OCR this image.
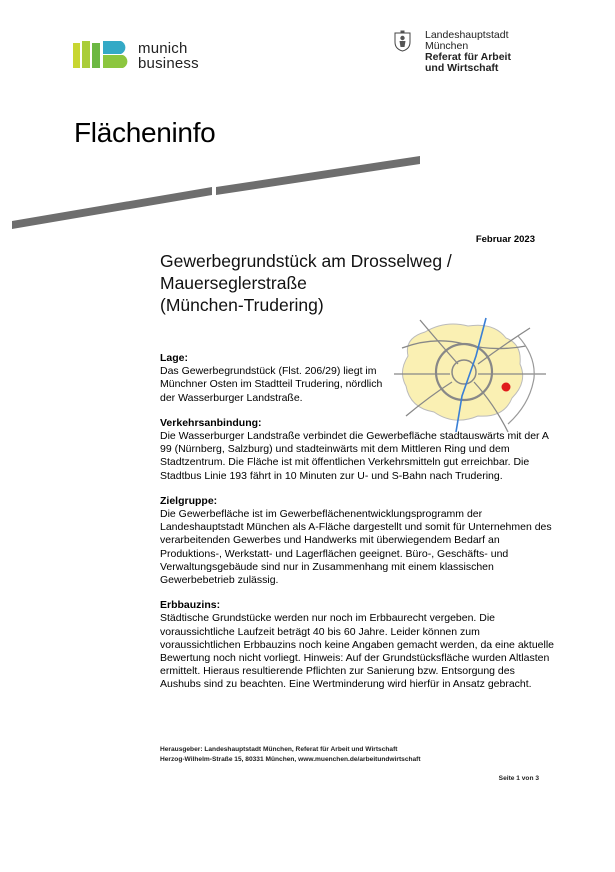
munich
business
Landeshauptstadt
München
Referat für Arbeit
und Wirtschaft
Flächeninfo
Februar 2023
Gewerbegrundstück am Drosselweg /
Mauerseglerstraße
(München-Trudering)
Lage:
Das Gewerbegrundstück (Flst. 206/29) liegt im Münchner Osten im Stadtteil Trudering, nördlich der Wasserburger Landstraße.
Verkehrsanbindung:
Die Wasserburger Landstraße verbindet die Gewerbefläche stadtauswärts mit der A 99 (Nürnberg, Salzburg) und stadteinwärts mit dem Mittleren Ring und dem Stadtzentrum. Die Fläche ist mit öffentlichen Verkehrsmitteln gut erreichbar. Die Stadtbus Linie 193 fährt in 10 Minuten zur U- und S-Bahn nach Trudering.
Zielgruppe:
Die Gewerbefläche ist im Gewerbeflächenentwicklungsprogramm der Landeshauptstadt München als A-Fläche dargestellt und somit für Unternehmen des verarbeitenden Gewerbes und Handwerks mit überwiegendem Bedarf an Produktions-, Werkstatt- und Lagerflächen geeignet. Büro-, Geschäfts- und Verwaltungsgebäude sind nur in Zusammenhang mit einem klassischen Gewerbebetrieb zulässig.
Erbbauzins:
Städtische Grundstücke werden nur noch im Erbbaurecht vergeben. Die voraussichtliche Laufzeit beträgt 40 bis 60 Jahre. Leider können zum voraussichtlichen Erbbauzins noch keine Angaben gemacht werden, da eine aktuelle Bewertung noch nicht vorliegt. Hinweis: Auf der Grundstücksfläche wurden Altlasten ermittelt. Hieraus resultierende Pflichten zur Sanierung bzw. Entsorgung des Aushubs sind zu beachten. Eine Wertminderung wird hierfür in Ansatz gebracht.
Herausgeber: Landeshauptstadt München, Referat für Arbeit und Wirtschaft
Herzog-Wilhelm-Straße 15, 80331 München, www.muenchen.de/arbeitundwirtschaft
Seite 1 von 3
